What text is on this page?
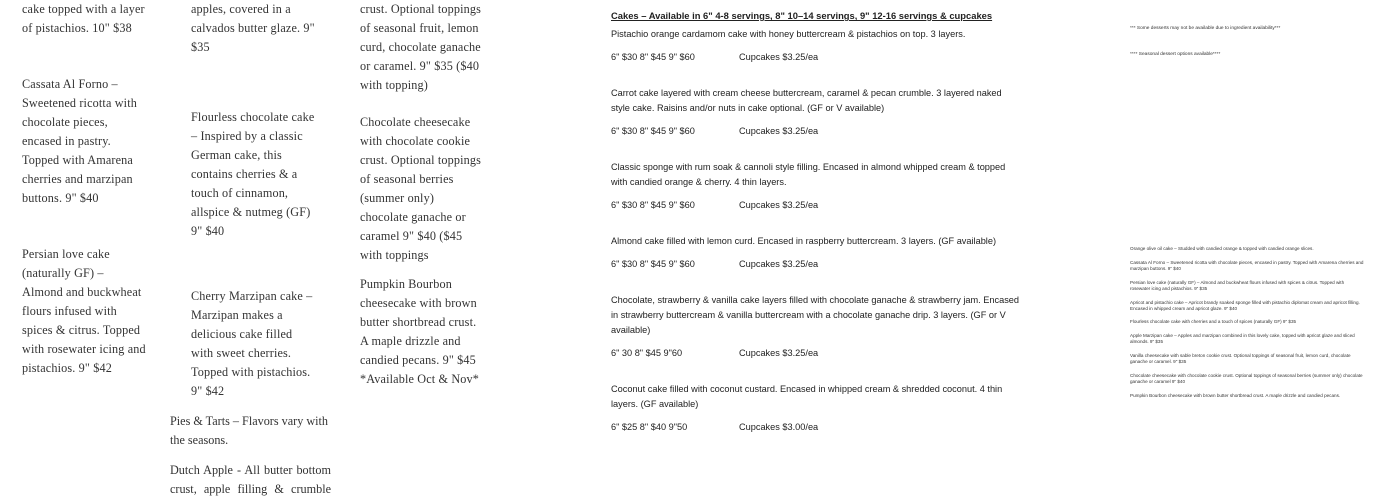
cake topped with a layer of pistachios. 10" $38

Cassata Al Forno – Sweetened ricotta with chocolate pieces, encased in pastry. Topped with Amarena cherries and marzipan buttons. 9" $40

Persian love cake (naturally GF) – Almond and buckwheat flours infused with spices & citrus. Topped with rosewater icing and pistachios. 9" $42

apples, covered in a calvados butter glaze. 9" $35

Flourless chocolate cake – Inspired by a classic German cake, this contains cherries & a touch of cinnamon, allspice & nutmeg (GF) 9" $40

Cherry Marzipan cake – Marzipan makes a delicious cake filled with sweet cherries. Topped with pistachios. 9" $42

crust. Optional toppings of seasonal fruit, lemon curd, chocolate ganache or caramel. 9" $35 ($40 with topping)

Chocolate cheesecake with chocolate cookie crust. Optional toppings of seasonal berries (summer only) chocolate ganache or caramel 9" $40 ($45 with toppings

Pumpkin Bourbon cheesecake with brown butter shortbread crust. A maple drizzle and candied pecans. 9" $45

*Available Oct & Nov*

Pies & Tarts – Flavors vary with the seasons.
Dutch Apple - All butter bottom crust, apple filling & crumble

Cakes – Available in 6" 4-8 servings, 8" 10–14 servings, 9" 12-16 servings & cupcakes

Pistachio orange cardamom cake with honey buttercream & pistachios on top. 3 layers.

6" $30 8" $45 9" $60	Cupcakes $3.25/ea

Carrot cake layered with cream cheese buttercream, caramel & pecan crumble. 3 layered naked style cake. Raisins and/or nuts in cake optional. (GF or V available)

6" $30 8" $45 9" $60	Cupcakes $3.25/ea

Classic sponge with rum soak & cannoli style filling. Encased in almond whipped cream & topped with candied orange & cherry. 4 thin layers.

6" $30 8" $45 9" $60	Cupcakes $3.25/ea

Almond cake filled with lemon curd. Encased in raspberry buttercream. 3 layers. (GF available)

6" $30 8" $45 9" $60	Cupcakes $3.25/ea

Chocolate, strawberry & vanilla cake layers filled with chocolate ganache & strawberry jam. Encased in strawberry buttercream & vanilla buttercream with a chocolate ganache drip. 3 layers. (GF or V available)

6" 30 8" $45 9"60	Cupcakes $3.25/ea

Coconut cake filled with coconut custard. Encased in whipped cream & shredded coconut. 4 thin layers. (GF available)

6" $25 8" $40 9"50	Cupcakes $3.00/ea
*** Some desserts may not be available due to ingredient availability***
**** Seasonal dessert options available****

Orange olive oil cake – Studded with candied orange & topped with candied orange slices.

Cassata Al Forno – Sweetened ricotta with chocolate pieces, encased in pastry. Topped with Amarena cherries and marzipan buttons. 9" $40

Persian love cake (naturally GF) – Almond and buckwheat flours infused with spices & citrus. Topped with rosewater icing and pistachios. 9" $35

Apricot and pistachio cake – Apricot brandy soaked sponge filled with pistachio diplomat cream and apricot filling. Encased in whipped cream and apricot glaze. 9" $40

Flourless chocolate cake with cherries and a touch of spices (naturally GF) 9" $35

Apple Marzipan cake – Apples and marzipan combined in this lovely cake, topped with apricot glaze and sliced almonds. 9" $35

Vanilla cheesecake with sable breton cookie crust. Optional toppings of seasonal fruit, lemon curd, chocolate ganache or caramel. 9" $35

Chocolate cheesecake with chocolate cookie crust. Optional toppings of seasonal berries (summer only) chocolate ganache or caramel 9" $40

Pumpkin Bourbon cheesecake with brown butter shortbread crust. A maple drizzle and candied pecans.
